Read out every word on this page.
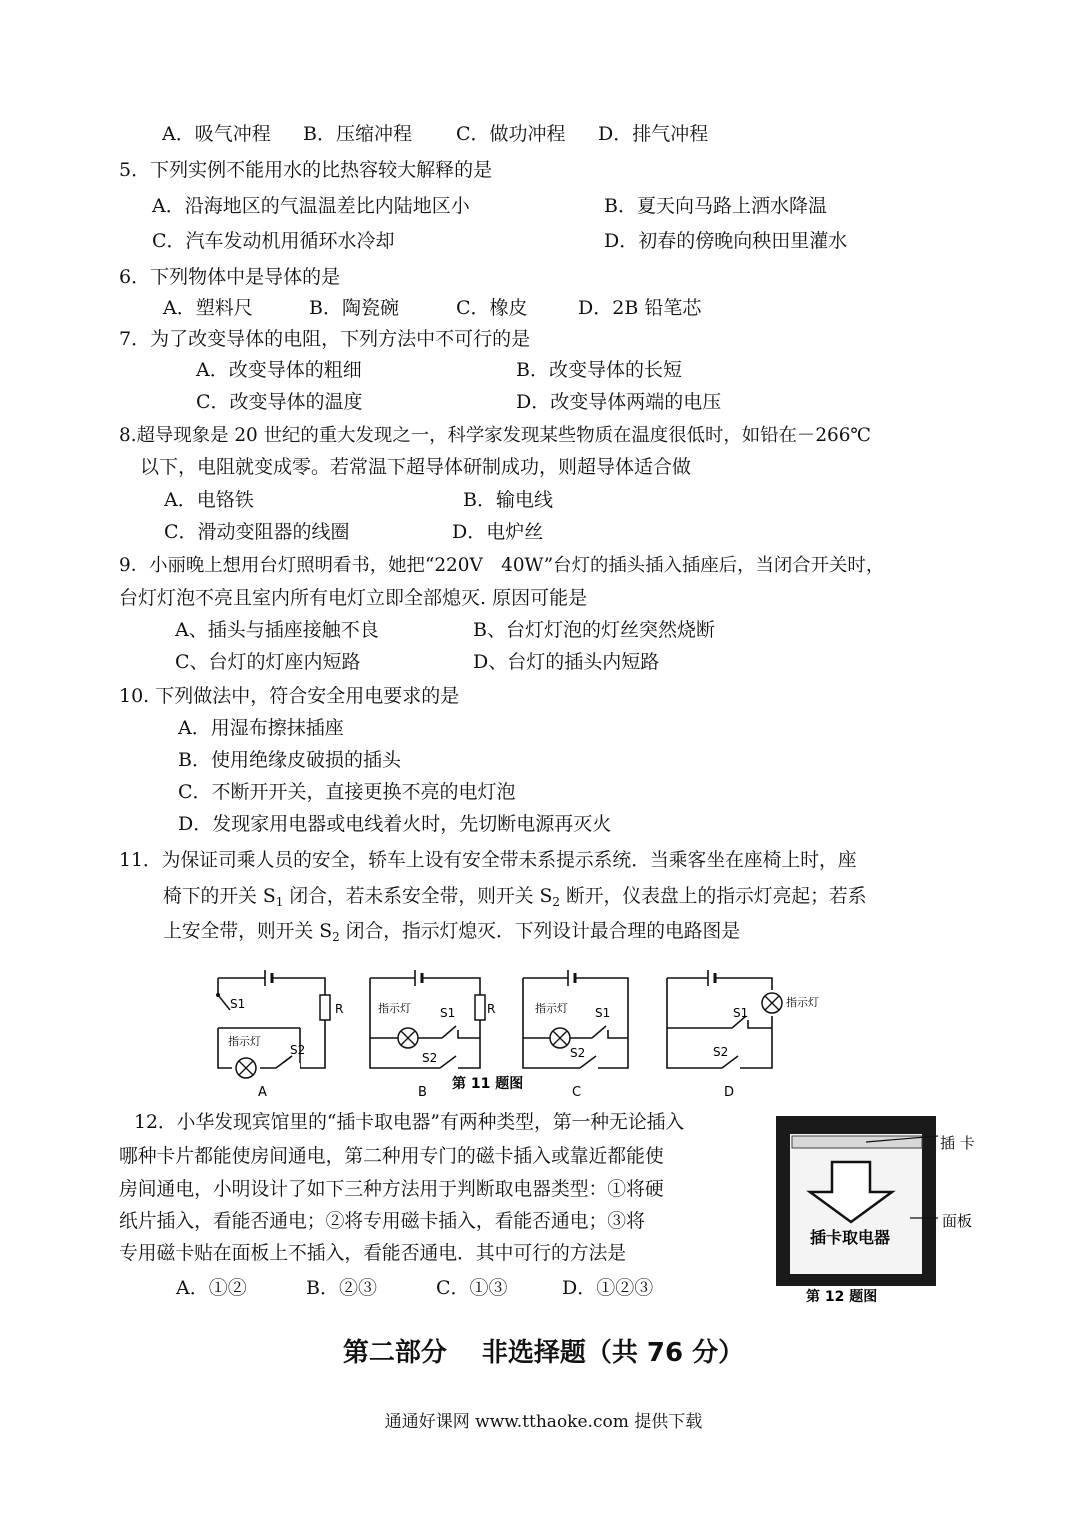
A．吸气冲程 B．压缩冲程 C．做功冲程 D．排气冲程
5．下列实例不能用水的比热容较大解释的是
A．沿海地区的气温温差比内陆地区小	B．夏天向马路上洒水降温
C．汽车发动机用循环水冷却	D．初春的傍晚向秧田里灌水
6．下列物体中是导体的是
A．塑料尺	B．陶瓷碗	C．橡皮	D．2B 铅笔芯
7．为了改变导体的电阻，下列方法中不可行的是
A．改变导体的粗细	B．改变导体的长短
C．改变导体的温度	D．改变导体两端的电压
8.超导现象是 20 世纪的重大发现之一，科学家发现某些物质在温度很低时，如铅在－266℃
以下，电阻就变成零。若常温下超导体研制成功，则超导体适合做
A．电铬铁	B．输电线
C．滑动变阻器的线圈	D．电炉丝
9．小丽晚上想用台灯照明看书，她把“220V　40W”台灯的插头插入插座后，当闭合开关时，
台灯灯泡不亮且室内所有电灯立即全部熄灭. 原因可能是
A、插头与插座接触不良	B、台灯灯泡的灯丝突然烧断
C、台灯的灯座内短路	D、台灯的插头内短路
10. 下列做法中，符合安全用电要求的是
A．用湿布擦抹插座
B．使用绝缘皮破损的插头
C．不断开开关，直接更换不亮的电灯泡
D．发现家用电器或电线着火时，先切断电源再灭火
11．为保证司乘人员的安全，轿车上设有安全带未系提示系统．当乘客坐在座椅上时，座
椅下的开关 $S_1$ 闭合，若未系安全带，则开关 $S_2$ 断开，仪表盘上的指示灯亮起；若系
上安全带，则开关 $S_2$ 闭合，指示灯熄灭．下列设计最合理的电路图是
S1	R
指示灯
S2
A
指示灯 S1	R
S2
B
指示灯 S1
S2
C
指示灯
S1
S2
D
第 11 题图
12．小华发现宾馆里的“插卡取电器”有两种类型，第一种无论插入
哪种卡片都能使房间通电，第二种用专门的磁卡插入或靠近都能使
房间通电，小明设计了如下三种方法用于判断取电器类型：①将硬
纸片插入，看能否通电；②将专用磁卡插入，看能否通电；③将
专用磁卡贴在面板上不插入，看能否通电．其中可行的方法是
A．①②	B．②③	C．①③	D．①②③
插卡取电器
插 卡
面板
第 12 题图
第二部分　 非选择题（共 76 分）
通通好课网 www.tthaoke.com 提供下载
